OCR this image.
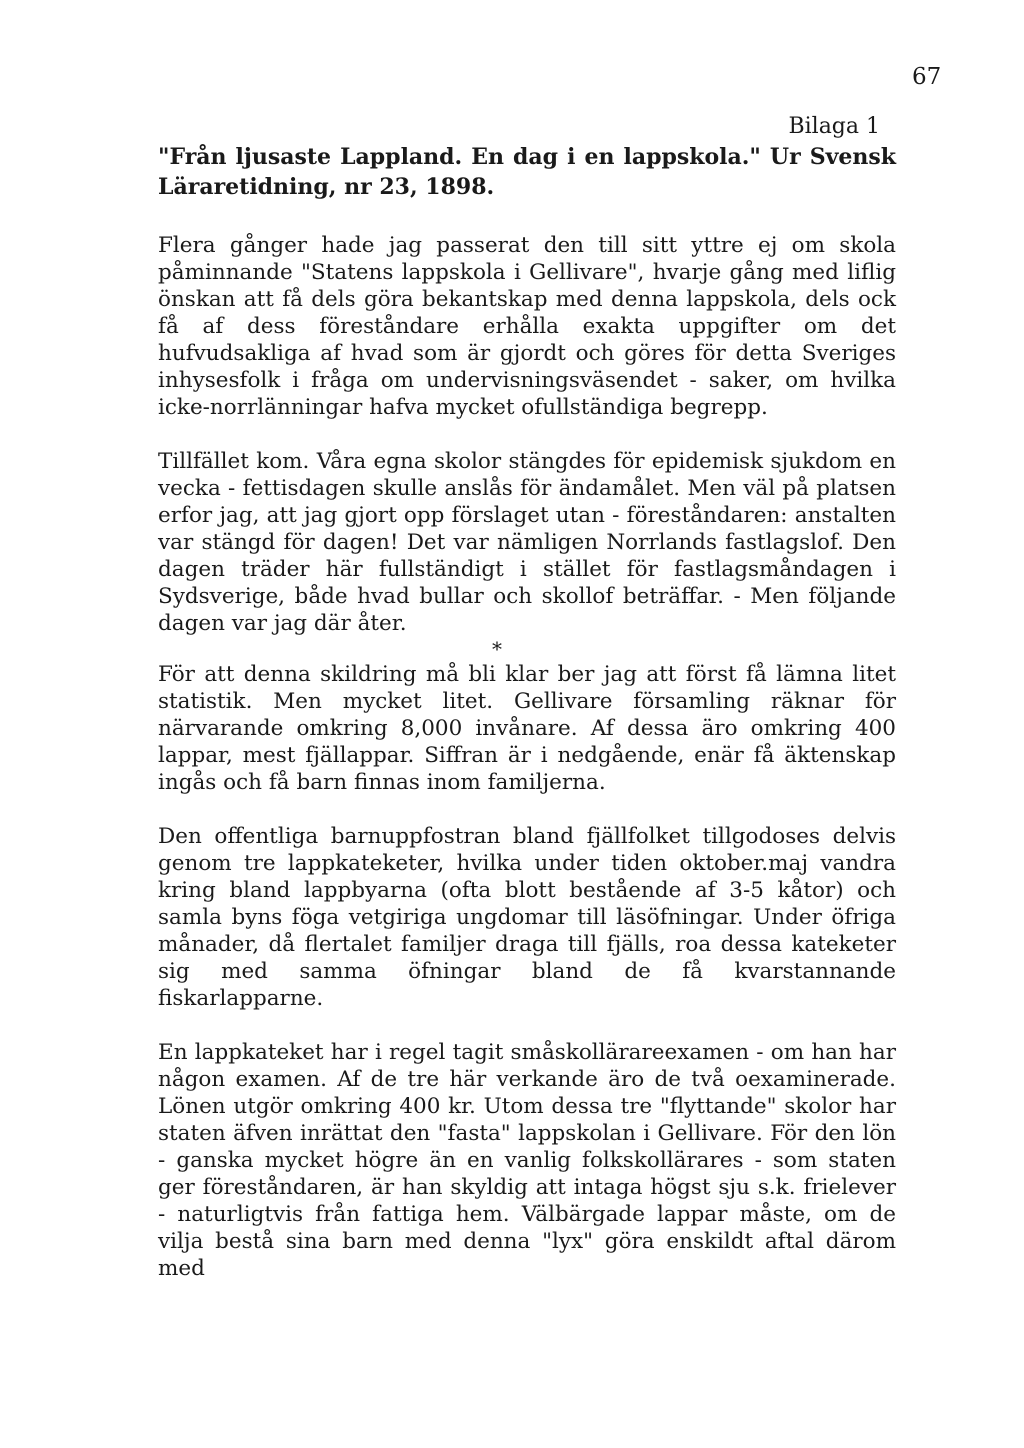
67

Bilaga 1

"Från ljusaste Lappland. En dag i en lappskola." Ur Svensk Läraretidning, nr 23, 1898.

Flera gånger hade jag passerat den till sitt yttre ej om skola påminnande "Statens lappskola i Gellivare", hvarje gång med liflig önskan att få dels göra bekantskap med denna lappskola, dels ock få af dess föreståndare erhålla exakta uppgifter om det hufvudsakliga af hvad som är gjordt och göres för detta Sveriges inhysesfolk i fråga om undervisningsväsendet - saker, om hvilka icke-norrlänningar hafva mycket ofullständiga begrepp.

Tillfället kom. Våra egna skolor stängdes för epidemisk sjukdom en vecka - fettisdagen skulle anslås för ändamålet. Men väl på platsen erfor jag, att jag gjort opp förslaget utan - föreståndaren: anstalten var stängd för dagen! Det var nämligen Norrlands fastlagslof. Den dagen träder här fullständigt i stället för fastlagsmåndagen i Sydsverige, både hvad bullar och skollof beträffar. - Men följande dagen var jag där åter.

*

För att denna skildring må bli klar ber jag att först få lämna litet statistik. Men mycket litet. Gellivare församling räknar för närvarande omkring 8,000 invånare. Af dessa äro omkring 400 lappar, mest fjällappar. Siffran är i nedgående, enär få äktenskap ingås och få barn finnas inom familjerna.

Den offentliga barnuppfostran bland fjällfolket tillgodoses delvis genom tre lappkateketer, hvilka under tiden oktober.maj vandra kring bland lappbyarna (ofta blott bestående af 3-5 kåtor) och samla byns föga vetgiriga ungdomar till läsöfningar. Under öfriga månader, då flertalet familjer draga till fjälls, roa dessa kateketer sig med samma öfningar bland de få kvarstannande fiskarlapparne.

En lappkateket har i regel tagit småskollärareexamen - om han har någon examen. Af de tre här verkande äro de två oexaminerade. Lönen utgör omkring 400 kr. Utom dessa tre "flyttande" skolor har staten äfven inrättat den "fasta" lappskolan i Gellivare. För den lön - ganska mycket högre än en vanlig folkskollärares - som staten ger föreståndaren, är han skyldig att intaga högst sju s.k. frielever - naturligtvis från fattiga hem. Välbärgade lappar måste, om de vilja bestå sina barn med denna "lyx" göra enskildt aftal därom med
